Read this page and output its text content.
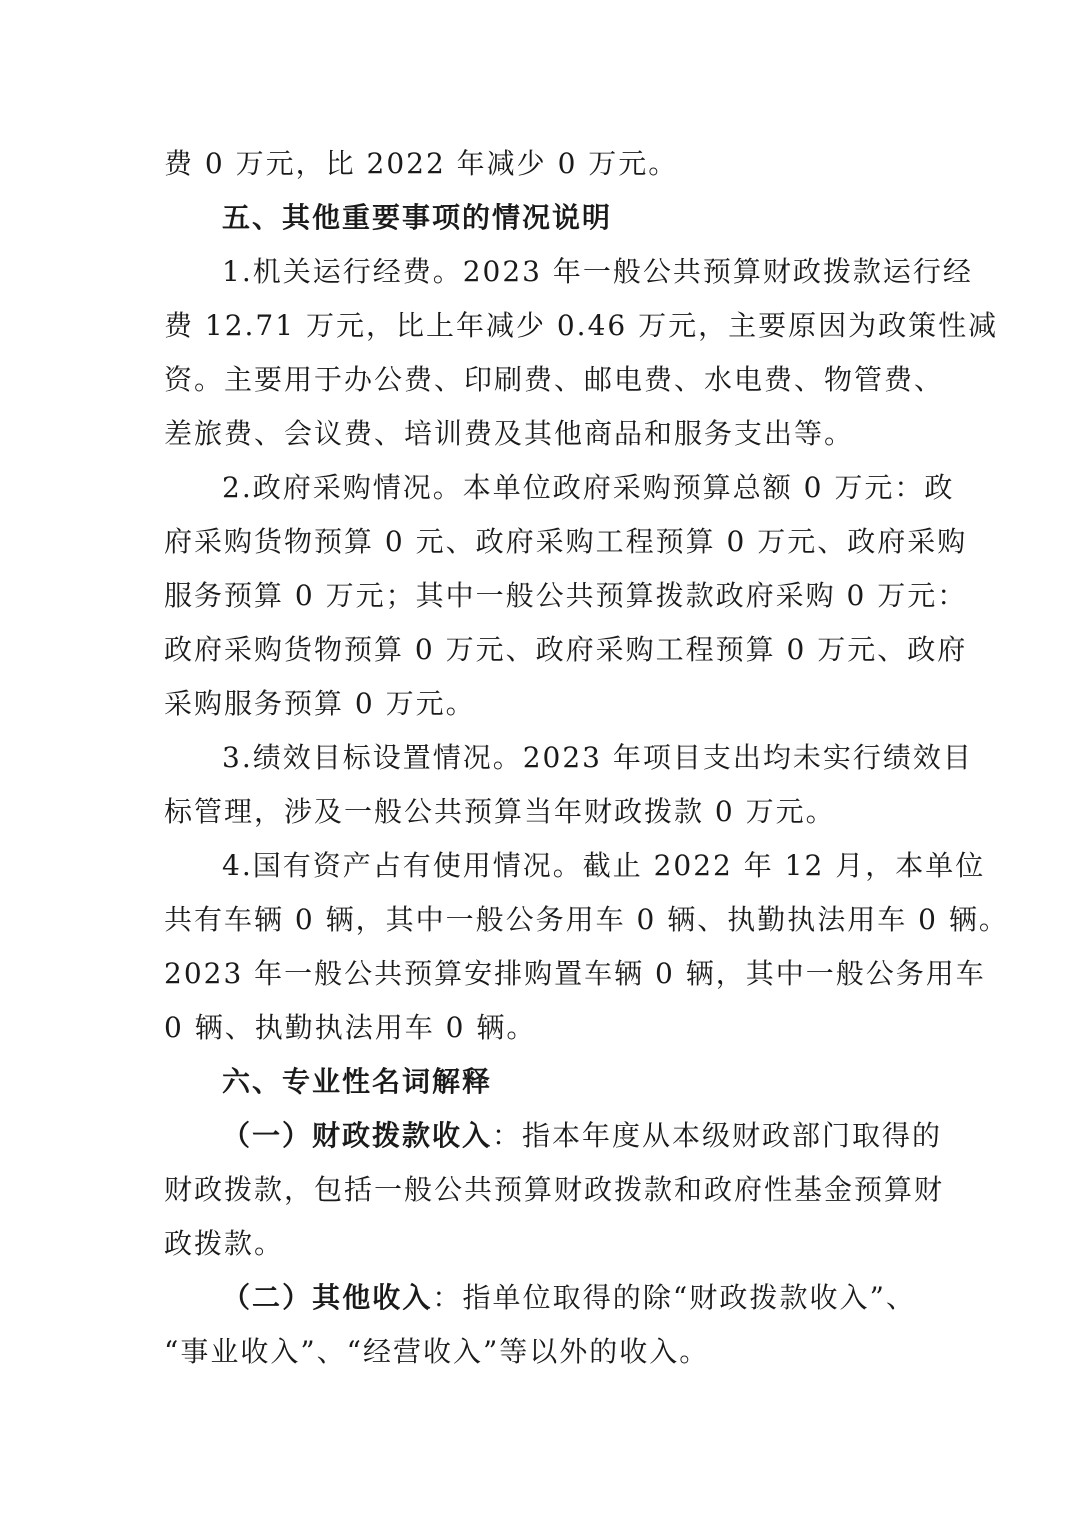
费 0 万元，比 2022 年减少 0 万元。
五、其他重要事项的情况说明
1.机关运行经费。2023 年一般公共预算财政拨款运行经
费 12.71 万元，比上年减少 0.46 万元，主要原因为政策性减
资。主要用于办公费、印刷费、邮电费、水电费、物管费、
差旅费、会议费、培训费及其他商品和服务支出等。
2.政府采购情况。本单位政府采购预算总额 0 万元：政
府采购货物预算 0 元、政府采购工程预算 0 万元、政府采购
服务预算 0 万元；其中一般公共预算拨款政府采购 0 万元：
政府采购货物预算 0 万元、政府采购工程预算 0 万元、政府
采购服务预算 0 万元。
3.绩效目标设置情况。2023 年项目支出均未实行绩效目
标管理，涉及一般公共预算当年财政拨款 0 万元。
4.国有资产占有使用情况。截止 2022 年 12 月，本单位
共有车辆 0 辆，其中一般公务用车 0 辆、执勤执法用车 0 辆。
2023 年一般公共预算安排购置车辆 0 辆，其中一般公务用车
0 辆、执勤执法用车 0 辆。
六、专业性名词解释
（一）财政拨款收入：指本年度从本级财政部门取得的
财政拨款，包括一般公共预算财政拨款和政府性基金预算财
政拨款。
（二）其他收入：指单位取得的除“财政拨款收入”、
“事业收入”、“经营收入”等以外的收入。
